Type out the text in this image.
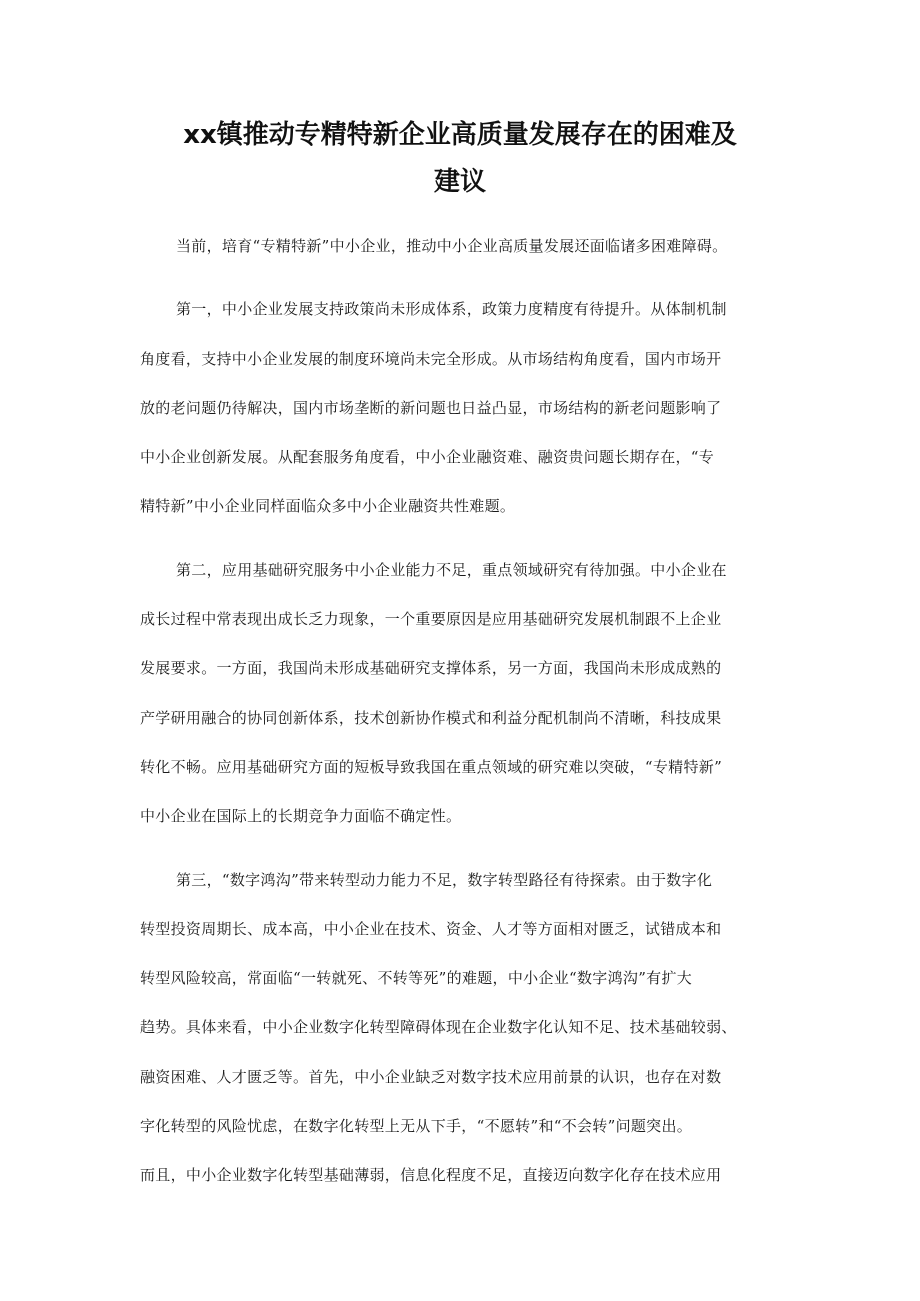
xx镇推动专精特新企业高质量发展存在的困难及
建议

当前，培育“专精特新”中小企业，推动中小企业高质量发展还面临诸多困难障碍。

第一，中小企业发展支持政策尚未形成体系，政策力度精度有待提升。从体制机制
角度看，支持中小企业发展的制度环境尚未完全形成。从市场结构角度看，国内市场开
放的老问题仍待解决，国内市场垄断的新问题也日益凸显，市场结构的新老问题影响了
中小企业创新发展。从配套服务角度看，中小企业融资难、融资贵问题长期存在，“专
精特新”中小企业同样面临众多中小企业融资共性难题。

第二，应用基础研究服务中小企业能力不足，重点领域研究有待加强。中小企业在
成长过程中常表现出成长乏力现象，一个重要原因是应用基础研究发展机制跟不上企业
发展要求。一方面，我国尚未形成基础研究支撑体系，另一方面，我国尚未形成成熟的
产学研用融合的协同创新体系，技术创新协作模式和利益分配机制尚不清晰，科技成果
转化不畅。应用基础研究方面的短板导致我国在重点领域的研究难以突破，“专精特新”
中小企业在国际上的长期竞争力面临不确定性。

第三，“数字鸿沟”带来转型动力能力不足，数字转型路径有待探索。由于数字化
转型投资周期长、成本高，中小企业在技术、资金、人才等方面相对匮乏，试错成本和
转型风险较高，常面临“一转就死、不转等死”的难题，中小企业“数字鸿沟”有扩大
趋势。具体来看，中小企业数字化转型障碍体现在企业数字化认知不足、技术基础较弱、
融资困难、人才匮乏等。首先，中小企业缺乏对数字技术应用前景的认识，也存在对数
字化转型的风险忧虑，在数字化转型上无从下手，“不愿转”和“不会转”问题突出。
而且，中小企业数字化转型基础薄弱，信息化程度不足，直接迈向数字化存在技术应用
